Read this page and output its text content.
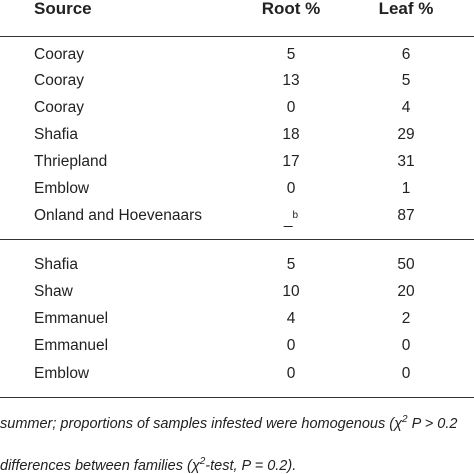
Source	Root %	Leaf %
Cooray	5	6
Cooray	13	5
Cooray	0	4
Shafia	18	29
Thriepland	17	31
Emblow	0	1
Onland and Hoevenaars	_$^b$	87
Shafia	5	50
Shaw	10	20
Emmanuel	4	2
Emmanuel	0	0
Emblow	0	0
summer; proportions of samples infested were homogenous ($\chi^2$ P > 0.2
differences between families ($\chi^2$-test, P = 0.2).
